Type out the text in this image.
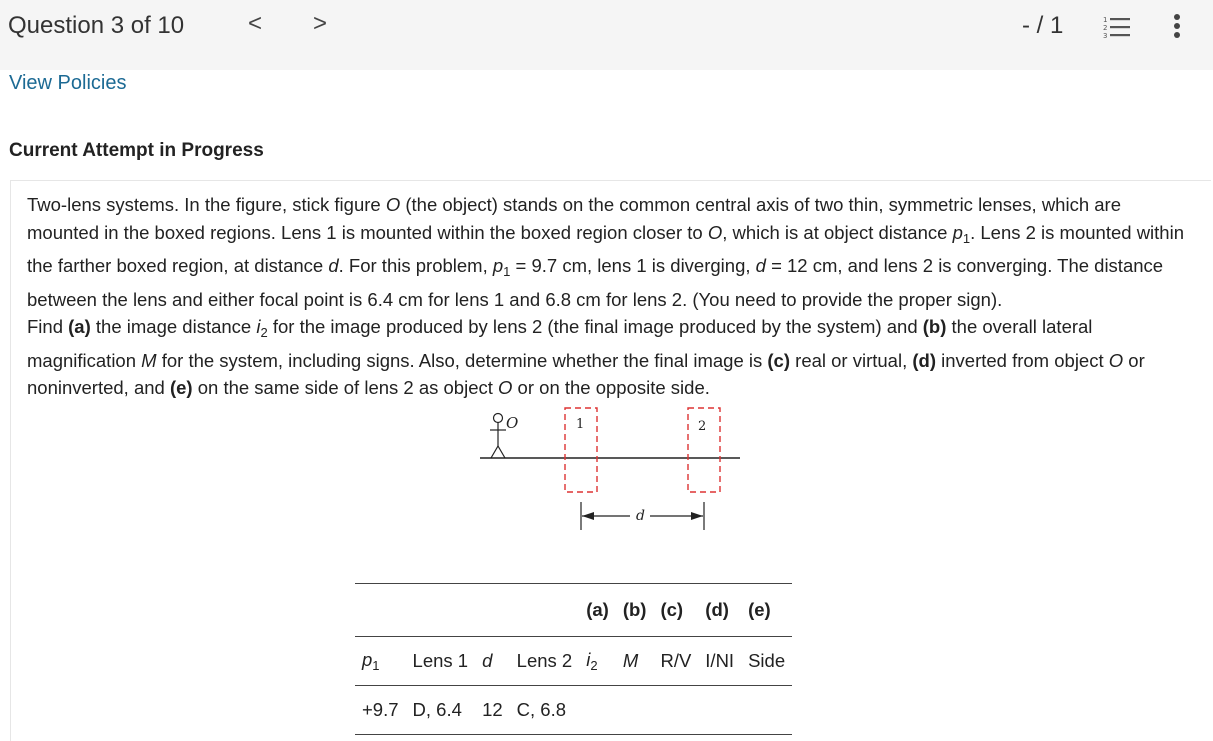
Question 3 of 10	< >	- / 1	1
2
3
View Policies
Current Attempt in Progress
Two-lens systems. In the figure, stick figure O (the object) stands on the common central axis of two thin, symmetric lenses, which are mounted in the boxed regions. Lens 1 is mounted within the boxed region closer to O, which is at object distance $p_1$. Lens 2 is mounted within the farther boxed region, at distance d. For this problem, $p_1 = 9.7$ cm, lens 1 is diverging, d = 12 cm, and lens 2 is converging. The distance between the lens and either focal point is 6.4 cm for lens 1 and 6.8 cm for lens 2. (You need to provide the proper sign).
Find (a) the image distance $i_2$ for the image produced by lens 2 (the final image produced by the system) and (b) the overall lateral magnification M for the system, including signs. Also, determine whether the final image is (c) real or virtual, (d) inverted from object O or noninverted, and (e) on the same side of lens 2 as object O or on the opposite side.
O	1	2
d
				(a)	(b)	(c)	(d)	(e)
$p_1$	Lens 1	d	Lens 2	$i_2$	M	R/V	I/NI	Side
+9.7	D, 6.4	12	C, 6.8					
